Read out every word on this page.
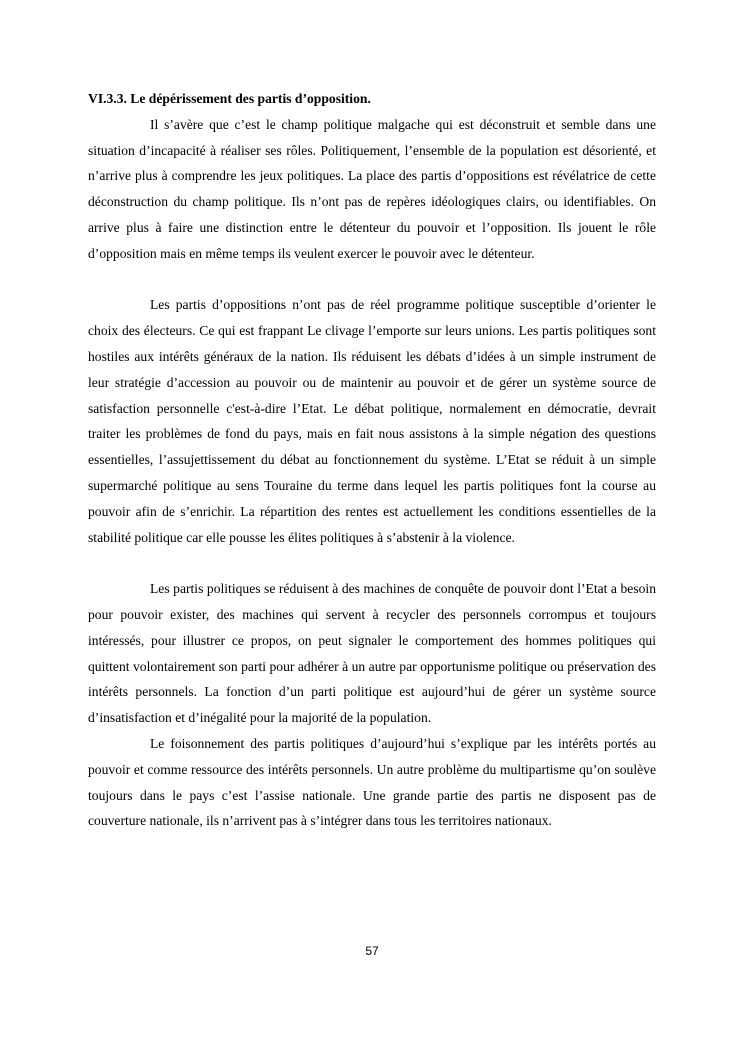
VI.3.3. Le dépérissement des partis d’opposition.

Il s’avère que c’est le champ politique malgache qui est déconstruit et semble dans une situation d’incapacité à réaliser ses rôles. Politiquement, l’ensemble de la population est désorienté, et n’arrive plus à comprendre les jeux politiques. La place des partis d’oppositions est révélatrice de cette déconstruction du champ politique. Ils n’ont pas de repères idéologiques clairs, ou identifiables. On arrive plus à faire une distinction entre le détenteur du pouvoir et l’opposition. Ils jouent le rôle d’opposition mais en même temps ils veulent exercer le pouvoir avec le détenteur.

Les partis d’oppositions n’ont pas de réel programme politique susceptible d’orienter le choix des électeurs. Ce qui est frappant Le clivage l’emporte sur leurs unions. Les partis politiques sont hostiles aux intérêts généraux de la nation. Ils réduisent les débats d’idées à un simple instrument de leur stratégie d’accession au pouvoir ou de maintenir au pouvoir et de gérer un système source de satisfaction personnelle c'est-à-dire l’Etat. Le débat politique, normalement en démocratie, devrait traiter les problèmes de fond du pays, mais en fait nous assistons à la simple négation des questions essentielles, l’assujettissement du débat au fonctionnement du système. L’Etat se réduit à un simple supermarché politique au sens Touraine du terme dans lequel les partis politiques font la course au pouvoir afin de s’enrichir. La répartition des rentes est actuellement les conditions essentielles de la stabilité politique car elle pousse les élites politiques à s’abstenir à la violence.

Les partis politiques se réduisent à des machines de conquête de pouvoir dont l’Etat a besoin pour pouvoir exister, des machines qui servent à recycler des personnels corrompus et toujours intéressés, pour illustrer ce propos, on peut signaler le comportement des hommes politiques qui quittent volontairement son parti pour adhérer à un autre par opportunisme politique ou préservation des intérêts personnels. La fonction d’un parti politique est aujourd’hui de gérer un système source d’insatisfaction et d’inégalité pour la majorité de la population.

Le foisonnement des partis politiques d’aujourd’hui s’explique par les intérêts portés au pouvoir et comme ressource des intérêts personnels. Un autre problème du multipartisme qu’on soulève toujours dans le pays c’est l’assise nationale. Une grande partie des partis ne disposent pas de couverture nationale, ils n’arrivent pas à s’intégrer dans tous les territoires nationaux.

57
